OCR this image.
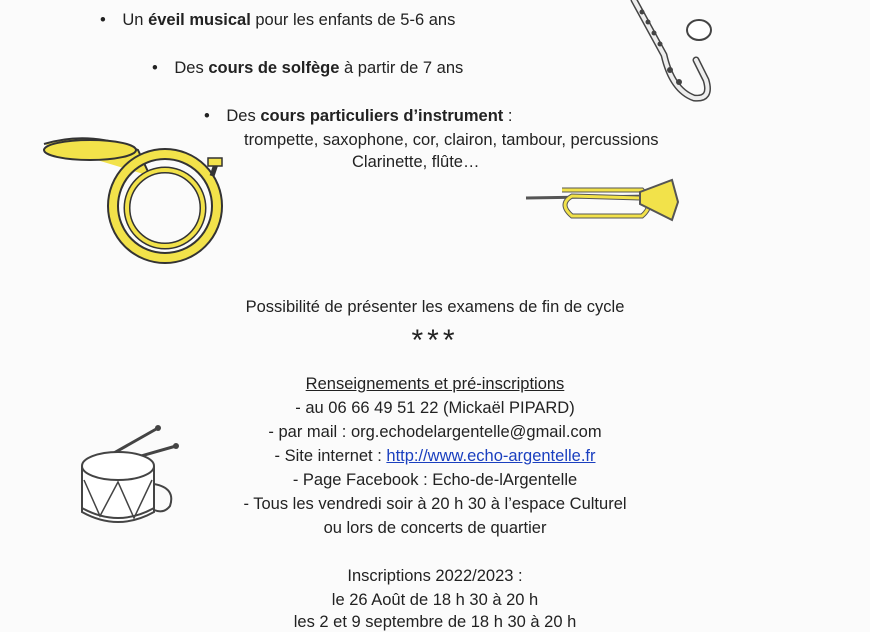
• Un éveil musical pour les enfants de 5-6 ans
• Des cours de solfège à partir de 7 ans
• Des cours particuliers d’instrument :
trompette, saxophone, cor, clairon, tambour, percussions
Clarinette, flûte…
Possibilité de présenter les examens de fin de cycle
***
Renseignements et pré-inscriptions
- au 06 66 49 51 22 (Mickaël PIPARD)
- par mail : org.echodelargentelle@gmail.com
- Site internet : http://www.echo-argentelle.fr
- Page Facebook : Echo-de-lArgentelle
- Tous les vendredi soir à 20 h 30 à l’espace Culturel
ou lors de concerts de quartier
Inscriptions 2022/2023 :
le 26 Août de 18 h 30 à 20 h
les 2 et 9 septembre de 18 h 30 à 20 h
